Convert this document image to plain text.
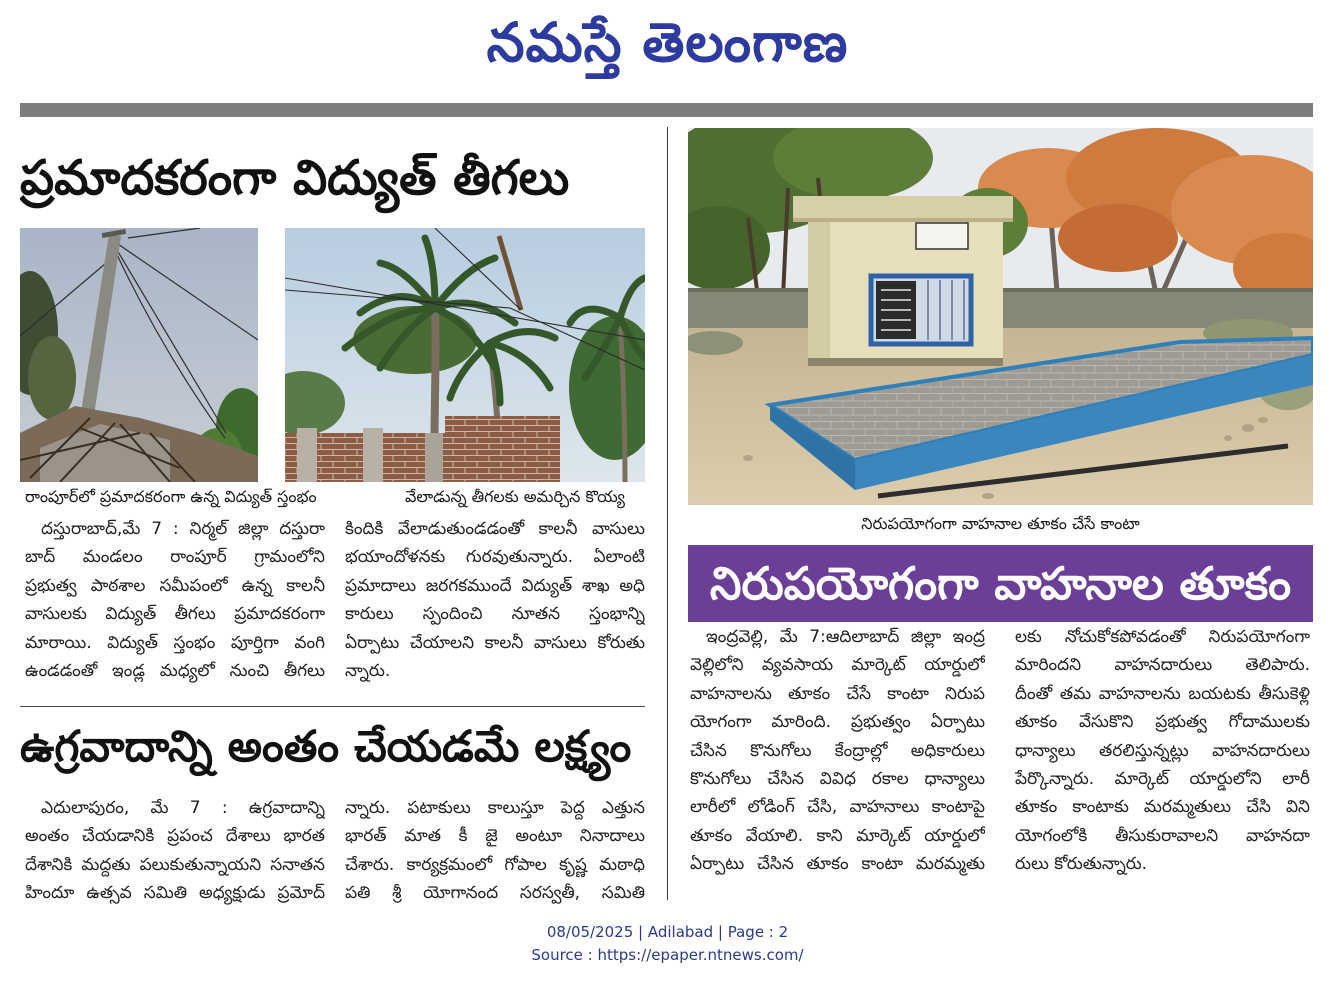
నమస్తే తెలంగాణ
ప్రమాదకరంగా విద్యుత్ తీగలు
రాంపూర్‌లో ప్రమాదకరంగా ఉన్న విద్యుత్ స్తంభం	వేలాడున్న తీగలకు అమర్చిన కొయ్య
దస్తురాబాద్,మే 7 : నిర్మల్ జిల్లా దస్తురా
బాద్ మండలం రాంపూర్ గ్రామంలోని
ప్రభుత్వ పాఠశాల సమీపంలో ఉన్న కాలనీ
వాసులకు విద్యుత్ తీగలు ప్రమాదకరంగా
మారాయి. విద్యుత్ స్తంభం పూర్తిగా వంగి
ఉండడంతో ఇండ్ల మధ్యలో నుంచి తీగలు
కిందికి వేలాడుతుండడంతో కాలనీ వాసులు
భయాందోళనకు గురవుతున్నారు. ఏలాంటి
ప్రమాదాలు జరగకముందే విద్యుత్ శాఖ అధి
కారులు స్పందించి నూతన స్తంభాన్ని
ఏర్పాటు చేయాలని కాలనీ వాసులు కోరుతు
న్నారు.
ఉగ్రవాదాన్ని అంతం చేయడమే లక్ష్యం
ఎదులాపురం, మే 7 : ఉగ్రవాదాన్ని
అంతం చేయడానికి ప్రపంచ దేశాలు భారత
దేశానికి మద్దతు పలుకుతున్నాయని సనాతన
హిందూ ఉత్సవ సమితి అధ్యక్షుడు ప్రమోద్
న్నారు. పటాకులు కాలుస్తూ పెద్ద ఎత్తున
భారత్ మాత కీ జై అంటూ నినాదాలు
చేశారు. కార్యక్రమంలో గోపాల కృష్ణ మఠాధి
పతి శ్రీ యోగానంద సరస్వతీ, సమితి
నిరుపయోగంగా వాహనాల తూకం చేసే కాంటా
నిరుపయోగంగా వాహనాల తూకం
ఇంద్రవెల్లి, మే 7:ఆదిలాబాద్ జిల్లా ఇంద్ర
వెల్లిలోని వ్యవసాయ మార్కెట్ యార్డులో
వాహనాలను తూకం చేసే కాంటా నిరుప
యోగంగా మారింది. ప్రభుత్వం ఏర్పాటు
చేసిన కొనుగోలు కేంద్రాల్లో అధికారులు
కొనుగోలు చేసిన వివిధ రకాల ధాన్యాలు
లారీలో లోడింగ్ చేసి, వాహనాలు కాంటాపై
తూకం వేయాలి. కాని మార్కెట్ యార్డులో
ఏర్పాటు చేసిన తూకం కాంటా మరమ్మతు
లకు నోచుకోకపోవడంతో నిరుపయోగంగా
మారిందని వాహనదారులు తెలిపారు.
దీంతో తమ వాహనాలను బయటకు తీసుకెళ్లి
తూకం వేసుకొని ప్రభుత్వ గోదాములకు
ధాన్యాలు తరలిస్తున్నట్లు వాహనదారులు
పేర్కొన్నారు. మార్కెట్ యార్డులోని లారీ
తూకం కాంటాకు మరమ్మతులు చేసి విని
యోగంలోకి తీసుకురావాలని వాహనదా
రులు కోరుతున్నారు.
08/05/2025 | Adilabad | Page : 2
Source : https://epaper.ntnews.com/
